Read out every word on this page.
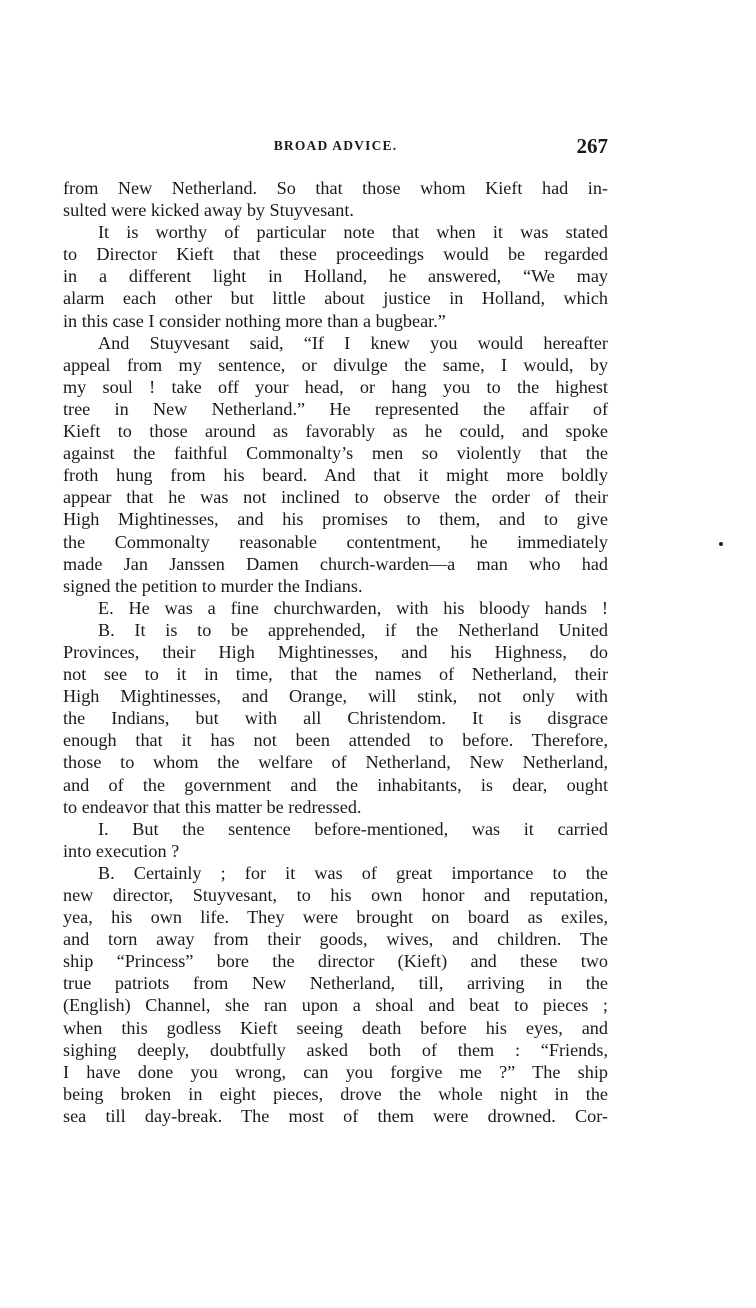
BROAD ADVICE.	267
from New Netherland. So that those whom Kieft had in-
sulted were kicked away by Stuyvesant.
It is worthy of particular note that when it was stated
to Director Kieft that these proceedings would be regarded
in a different light in Holland, he answered, “We may
alarm each other but little about justice in Holland, which
in this case I consider nothing more than a bugbear.”
And Stuyvesant said, “If I knew you would hereafter
appeal from my sentence, or divulge the same, I would, by
my soul ! take off your head, or hang you to the highest
tree in New Netherland.” He represented the affair of
Kieft to those around as favorably as he could, and spoke
against the faithful Commonalty’s men so violently that the
froth hung from his beard. And that it might more boldly
appear that he was not inclined to observe the order of their
High Mightinesses, and his promises to them, and to give
the Commonalty reasonable contentment, he immediately
made Jan Janssen Damen church-warden—a man who had
signed the petition to murder the Indians.
E. He was a fine churchwarden, with his bloody hands !
B. It is to be apprehended, if the Netherland United
Provinces, their High Mightinesses, and his Highness, do
not see to it in time, that the names of Netherland, their
High Mightinesses, and Orange, will stink, not only with
the Indians, but with all Christendom. It is disgrace
enough that it has not been attended to before. Therefore,
those to whom the welfare of Netherland, New Netherland,
and of the government and the inhabitants, is dear, ought
to endeavor that this matter be redressed.
I. But the sentence before-mentioned, was it carried
into execution ?
B. Certainly ; for it was of great importance to the
new director, Stuyvesant, to his own honor and reputation,
yea, his own life. They were brought on board as exiles,
and torn away from their goods, wives, and children. The
ship “Princess” bore the director (Kieft) and these two
true patriots from New Netherland, till, arriving in the
(English) Channel, she ran upon a shoal and beat to pieces ;
when this godless Kieft seeing death before his eyes, and
sighing deeply, doubtfully asked both of them : “Friends,
I have done you wrong, can you forgive me ?” The ship
being broken in eight pieces, drove the whole night in the
sea till day-break. The most of them were drowned. Cor-
